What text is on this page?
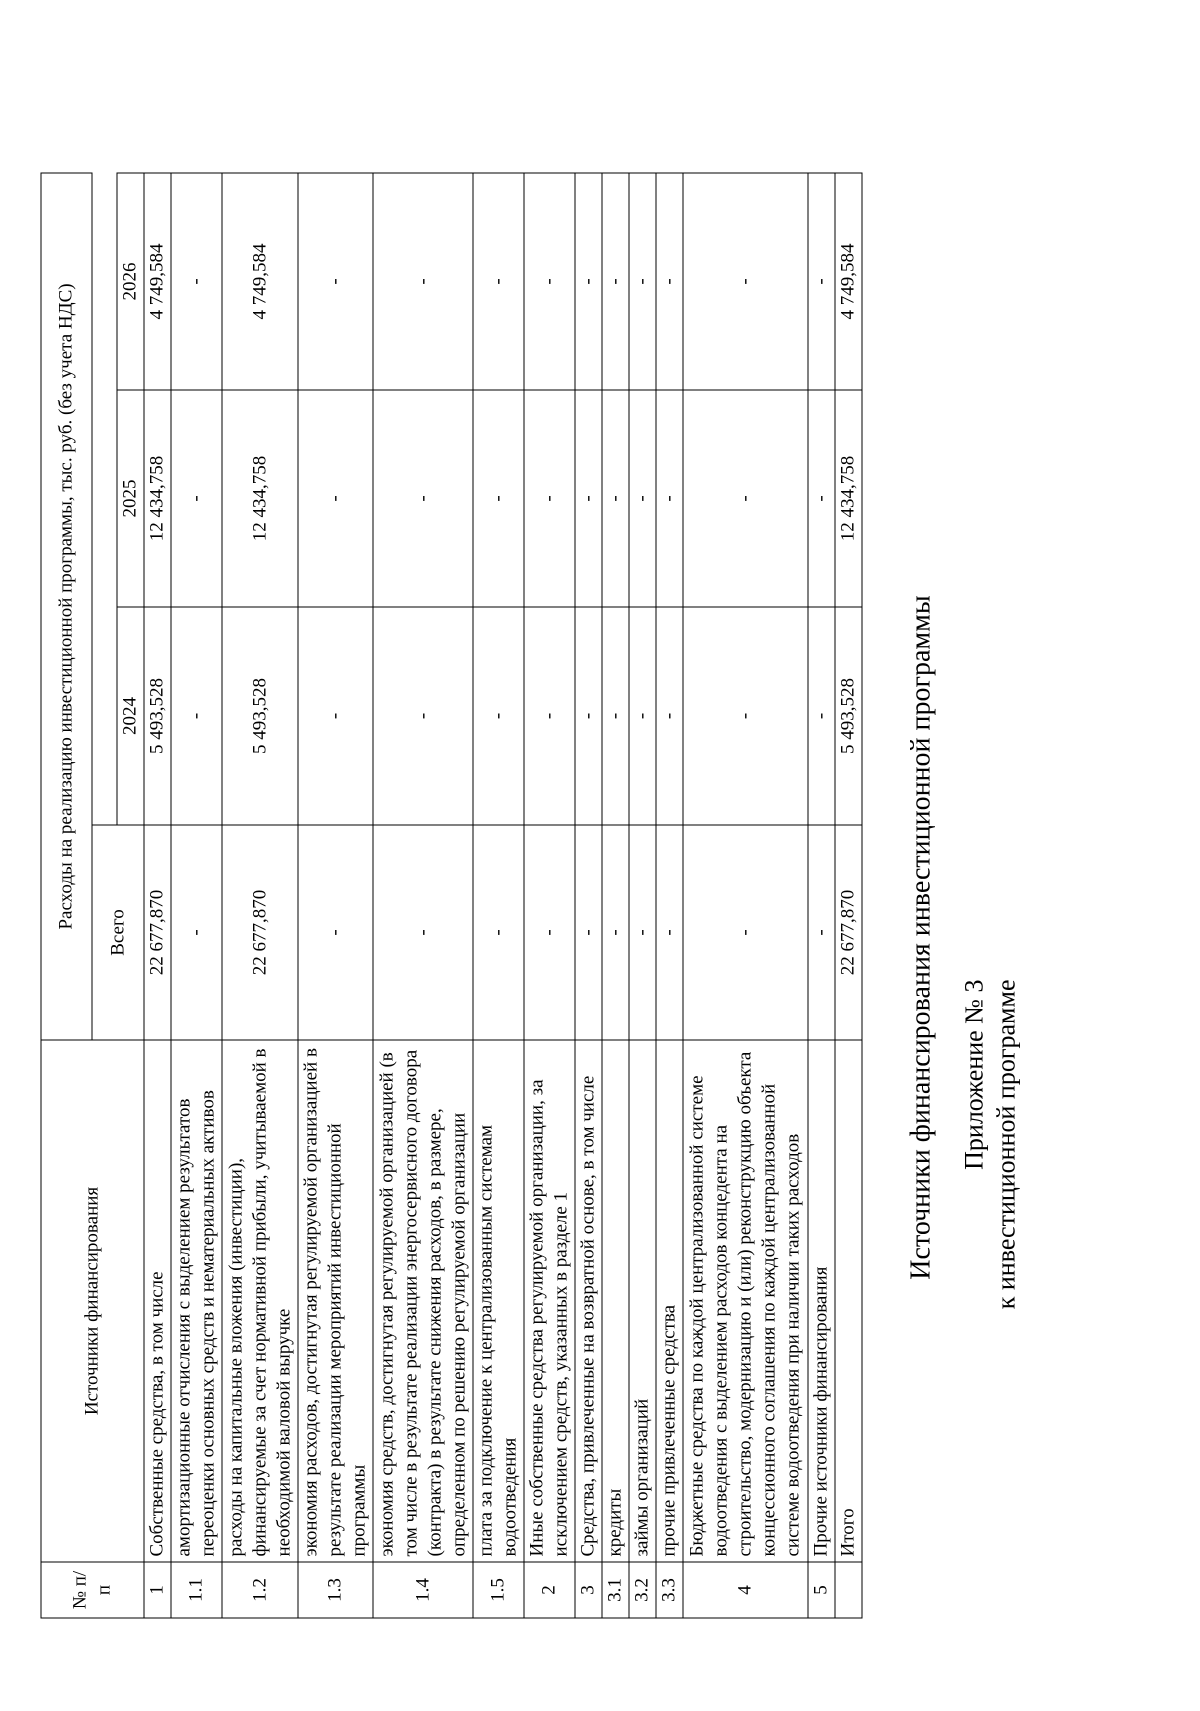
Приложение № 3 к инвестиционной программе
Источники финансирования инвестиционной программы
№ п/п	Источники финансирования	Расходы на реализацию инвестиционной программы, тыс. руб. (без учета НДС)			
		Всего			
			2024	2025	2026
1	Собственные средства, в том числе	22 677,870	5 493,528	12 434,758	4 749,584
1.1	амортизационные отчисления с выделением результатов переоценки основных средств и нематериальных активов	-	-	-	-
1.2	расходы на капитальные вложения (инвестиции), финансируемые за счет нормативной прибыли, учитываемой в необходимой валовой выручке	22 677,870	5 493,528	12 434,758	4 749,584
1.3	экономия расходов, достигнутая регулируемой организацией в результате реализации мероприятий инвестиционной программы	-	-	-	-
1.4	экономия средств, достигнутая регулируемой организацией (в том числе в результате реализации энергосервисного договора (контракта) в результате снижения расходов, в размере, определенном по решению регулируемой организации	-	-	-	-
1.5	плата за подключение к централизованным системам водоотведения	-	-	-	-
2	Иные собственные средства регулируемой организации, за исключением средств, указанных в разделе 1	-	-	-	-
3	Средства, привлеченные на возвратной основе, в том числе	-	-	-	-
3.1	кредиты	-	-	-	-
3.2	займы организаций	-	-	-	-
3.3	прочие привлеченные средства	-	-	-	-
4	Бюджетные средства по каждой централизованной системе водоотведения с выделением расходов концедента на строительство, модернизацию и (или) реконструкцию объекта концессионного соглашения по каждой централизованной системе водоотведения при наличии таких расходов	-	-	-	-
5	Прочие источники финансирования	-	-	-	-
	Итого	22 677,870	5 493,528	12 434,758	4 749,584
